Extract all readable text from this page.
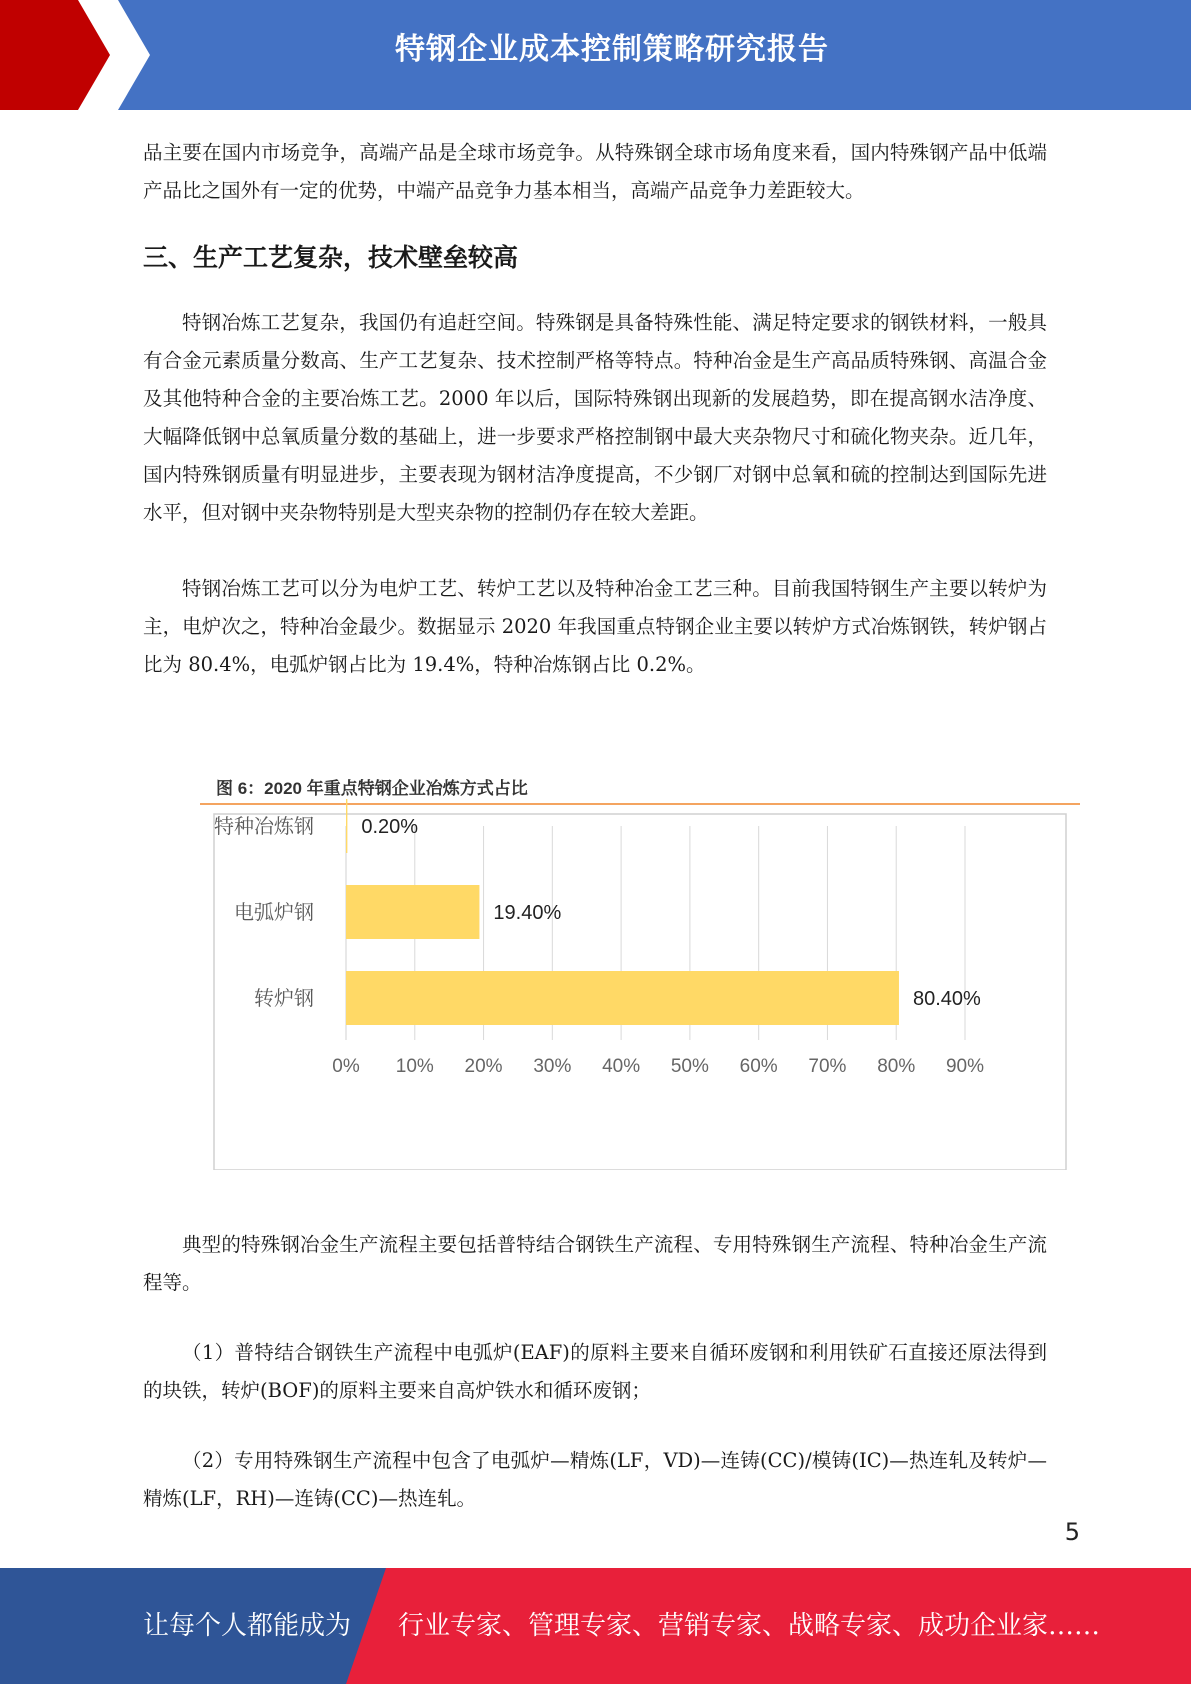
特钢企业成本控制策略研究报告

品主要在国内市场竞争，高端产品是全球市场竞争。从特殊钢全球市场角度来看，国内特殊钢产品中低端产品比之国外有一定的优势，中端产品竞争力基本相当，高端产品竞争力差距较大。

三、生产工艺复杂，技术壁垒较高

特钢冶炼工艺复杂，我国仍有追赶空间。特殊钢是具备特殊性能、满足特定要求的钢铁材料，一般具有合金元素质量分数高、生产工艺复杂、技术控制严格等特点。特种冶金是生产高品质特殊钢、高温合金及其他特种合金的主要冶炼工艺。2000 年以后，国际特殊钢出现新的发展趋势，即在提高钢水洁净度、大幅降低钢中总氧质量分数的基础上，进一步要求严格控制钢中最大夹杂物尺寸和硫化物夹杂。近几年，国内特殊钢质量有明显进步，主要表现为钢材洁净度提高，不少钢厂对钢中总氧和硫的控制达到国际先进水平，但对钢中夹杂物特别是大型夹杂物的控制仍存在较大差距。

特钢冶炼工艺可以分为电炉工艺、转炉工艺以及特种冶金工艺三种。目前我国特钢生产主要以转炉为主，电炉次之，特种冶金最少。数据显示 2020 年我国重点特钢企业主要以转炉方式冶炼钢铁，转炉钢占比为 80.4%，电弧炉钢占比为 19.4%，特种冶炼钢占比 0.2%。

图 6：2020 年重点特钢企业冶炼方式占比
0% 10% 20% 30% 40% 50% 60% 70% 80% 90%
特种冶炼钢 0.20%
电弧炉钢	19.40%
转炉钢	80.40%

典型的特殊钢冶金生产流程主要包括普特结合钢铁生产流程、专用特殊钢生产流程、特种冶金生产流程等。

（1）普特结合钢铁生产流程中电弧炉(EAF)的原料主要来自循环废钢和利用铁矿石直接还原法得到的块铁，转炉(BOF)的原料主要来自高炉铁水和循环废钢；

（2）专用特殊钢生产流程中包含了电弧炉—精炼(LF，VD)—连铸(CC)/模铸(IC)—热连轧及转炉—精炼(LF，RH)—连铸(CC)—热连轧。

5
让每个人都能成为 行业专家、管理专家、营销专家、战略专家、成功企业家……
